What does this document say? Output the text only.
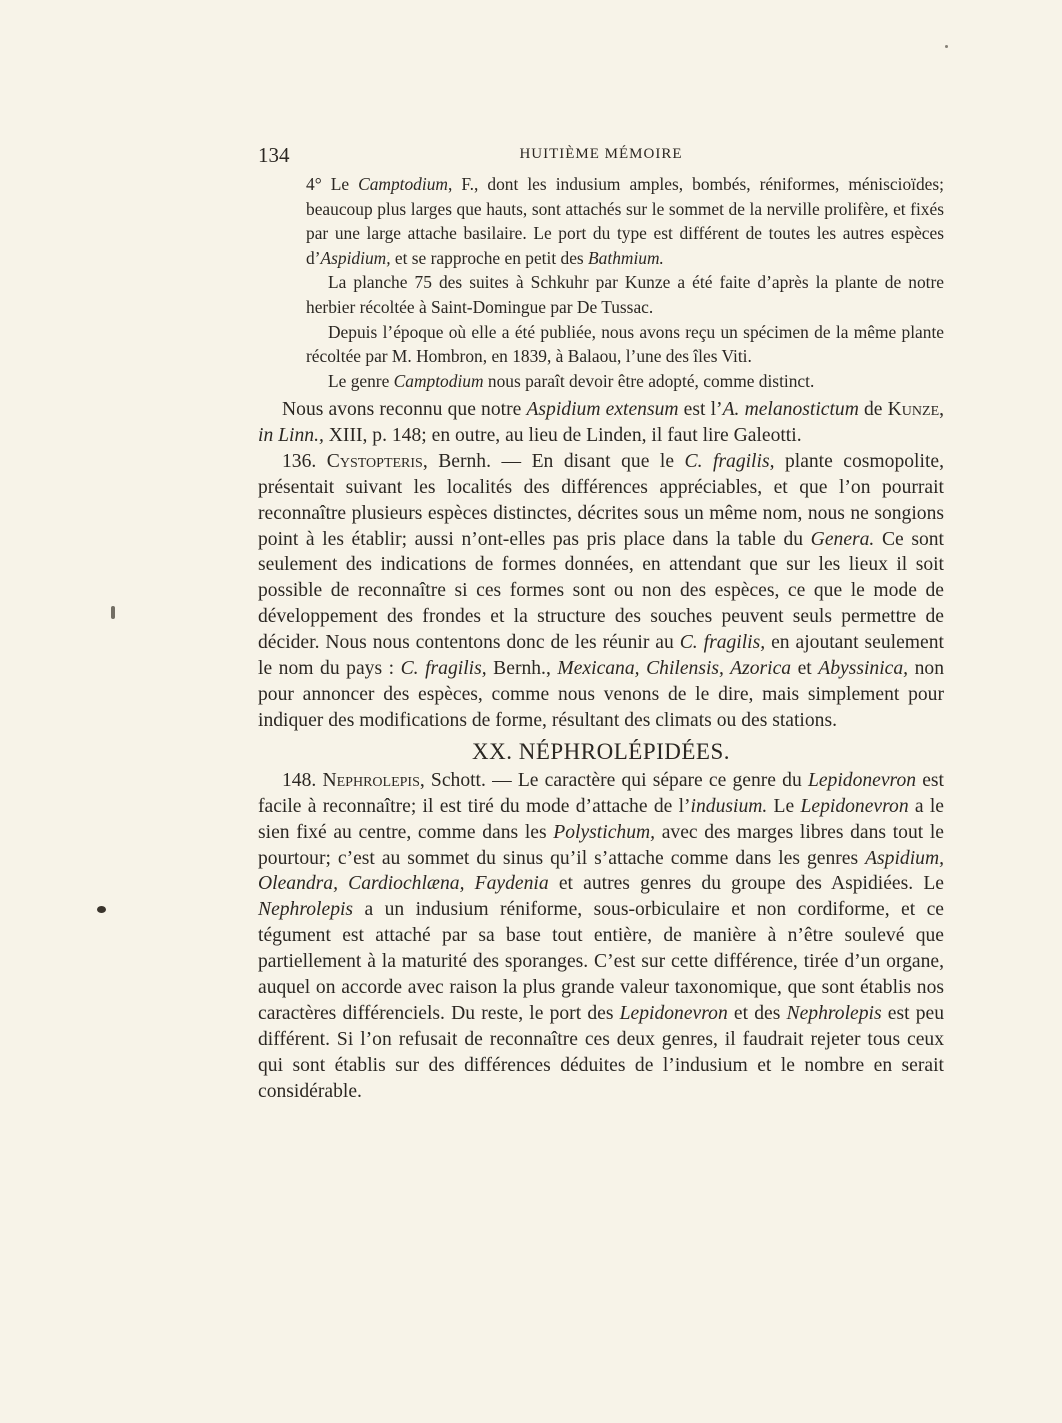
134	HUITIÈME MÉMOIRE

4° Le Camptodium, F., dont les indusium amples, bombés, réniformes, méniscioïdes; beaucoup plus larges que hauts, sont attachés sur le sommet de la nerville prolifère, et fixés par une large attache basilaire. Le port du type est différent de toutes les autres espèces d’Aspidium, et se rapproche en petit des Bathmium.

La planche 75 des suites à Schkuhr par Kunze a été faite d’après la plante de notre herbier récoltée à Saint-Domingue par De Tussac.

Depuis l’époque où elle a été publiée, nous avons reçu un spécimen de la même plante récoltée par M. Hombron, en 1839, à Balaou, l’une des îles Viti.

Le genre Camptodium nous paraît devoir être adopté, comme distinct.

Nous avons reconnu que notre Aspidium extensum est l’A. melanostictum de Kunze, in Linn., XIII, p. 148; en outre, au lieu de Linden, il faut lire Galeotti.

136. Cystopteris, Bernh. — En disant que le C. fragilis, plante cosmopolite, présentait suivant les localités des différences appréciables, et que l’on pourrait reconnaître plusieurs espèces distinctes, décrites sous un même nom, nous ne songions point à les établir; aussi n’ont-elles pas pris place dans la table du Genera. Ce sont seulement des indications de formes données, en attendant que sur les lieux il soit possible de reconnaître si ces formes sont ou non des espèces, ce que le mode de développement des frondes et la structure des souches peuvent seuls permettre de décider. Nous nous contentons donc de les réunir au C. fragilis, en ajoutant seulement le nom du pays : C. fragilis, Bernh., Mexicana, Chilensis, Azorica et Abyssinica, non pour annoncer des espèces, comme nous venons de le dire, mais simplement pour indiquer des modifications de forme, résultant des climats ou des stations.

XX. NÉPHROLÉPIDÉES.

148. Nephrolepis, Schott. — Le caractère qui sépare ce genre du Lepidonevron est facile à reconnaître; il est tiré du mode d’attache de l’indusium. Le Lepidonevron a le sien fixé au centre, comme dans les Polystichum, avec des marges libres dans tout le pourtour; c’est au sommet du sinus qu’il s’attache comme dans les genres Aspidium, Oleandra, Cardiochlæna, Faydenia et autres genres du groupe des Aspidiées. Le Nephrolepis a un indusium réniforme, sous-orbiculaire et non cordiforme, et ce tégument est attaché par sa base tout entière, de manière à n’être soulevé que partiellement à la maturité des sporanges. C’est sur cette différence, tirée d’un organe, auquel on accorde avec raison la plus grande valeur taxonomique, que sont établis nos caractères différenciels. Du reste, le port des Lepidonevron et des Nephrolepis est peu différent. Si l’on refusait de reconnaître ces deux genres, il faudrait rejeter tous ceux qui sont établis sur des différences déduites de l’indusium et le nombre en serait considérable.
